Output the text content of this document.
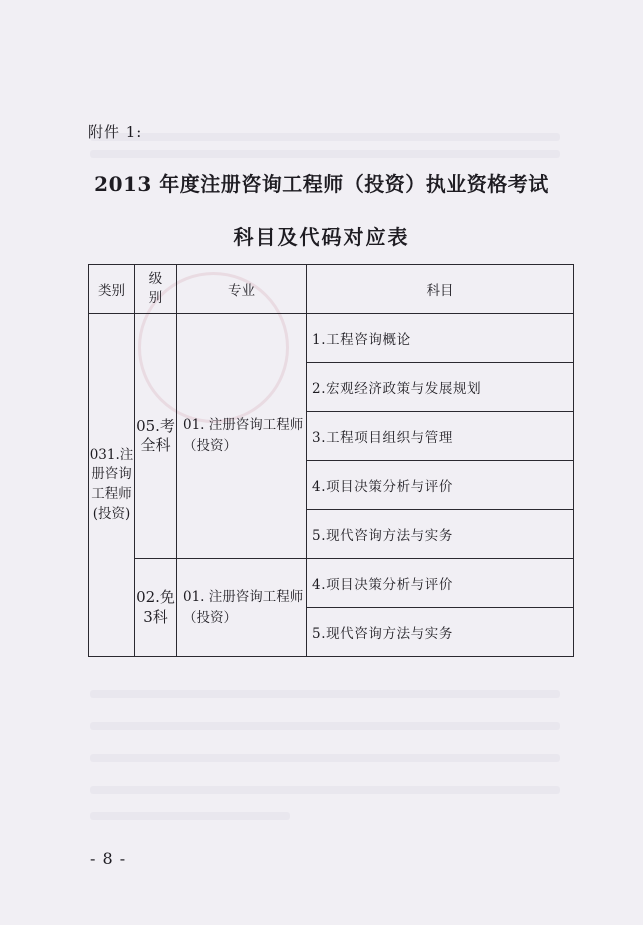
附件 1:
2013 年度注册咨询工程师（投资）执业资格考试
科目及代码对应表
类别	级别	专业	科目

031.注册咨询工程师(投资)	05.考全科	01. 注册咨询工程师（投资）	1.工程咨询概论
			2.宏观经济政策与发展规划
			3.工程项目组织与管理
			4.项目决策分析与评价
			5.现代咨询方法与实务

	02.免3科	01. 注册咨询工程师（投资）	4.项目决策分析与评价
			5.现代咨询方法与实务
- 8 -
